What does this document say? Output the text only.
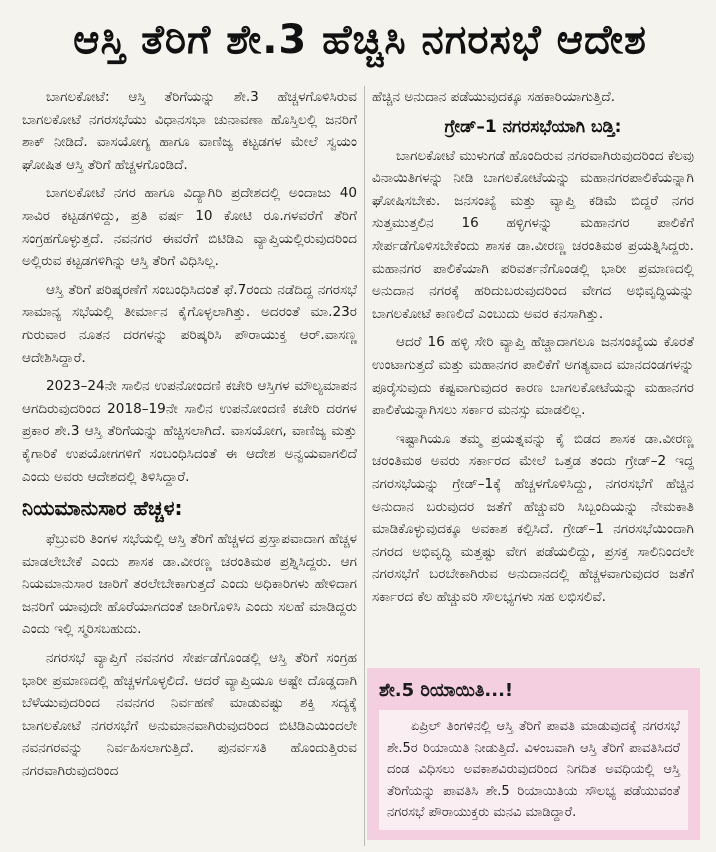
ಆಸ್ತಿ ತೆರಿಗೆ ಶೇ.3 ಹೆಚ್ಚಿಸಿ ನಗರಸಭೆ ಆದೇಶ

ಬಾಗಲಕೋಟೆ: ಆಸ್ತಿ ತೆರಿಗೆಯನ್ನು ಶೇ.3 ಹೆಚ್ಚಳಗೊಳಿಸಿರುವ ಬಾಗಲಕೋಟೆ ನಗರಸಭೆಯು ವಿಧಾನಸಭಾ ಚುನಾವಣಾ ಹೊಸ್ತಿಲಲ್ಲಿ ಜನರಿಗೆ ಶಾಕ್ ನೀಡಿದೆ. ವಾಸಯೋಗ್ಯ ಹಾಗೂ ವಾಣಿಜ್ಯ ಕಟ್ಟಡಗಳ ಮೇಲೆ ಸ್ವಯಂ ಘೋಷಿತ ಆಸ್ತಿ ತೆರಿಗೆ ಹೆಚ್ಚಳಗೊಂಡಿದೆ.

ಬಾಗಲಕೋಟೆ ನಗರ ಹಾಗೂ ವಿದ್ಯಾಗಿರಿ ಪ್ರದೇಶದಲ್ಲಿ ಅಂದಾಜು 40 ಸಾವಿರ ಕಟ್ಟಡಗಳಿದ್ದು, ಪ್ರತಿ ವರ್ಷ 10 ಕೋಟಿ ರೂ.ಗಳವರೆಗೆ ತೆರಿಗೆ ಸಂಗ್ರಹಗೊಳ್ಳುತ್ತದೆ. ನವನಗರ ಈವರೆಗೆ ಬಿಟಿಡಿಎ ವ್ಯಾಪ್ತಿಯಲ್ಲಿರುವುದರಿಂದ ಅಲ್ಲಿರುವ ಕಟ್ಟಡಗಳಿಗಿನ್ನು ಆಸ್ತಿ ತೆರಿಗೆ ವಿಧಿಸಿಲ್ಲ.

ಆಸ್ತಿ ತೆರಿಗೆ ಪರಿಷ್ಕರಣೆಗೆ ಸಂಬಂಧಿಸಿದಂತೆ ಫೆ.7ರಂದು ನಡೆದಿದ್ದ ನಗರಸಭೆ ಸಾಮಾನ್ಯ ಸಭೆಯಲ್ಲಿ ತೀರ್ಮಾನ ಕೈಗೊಳ್ಳಲಾಗಿತ್ತು. ಅದರಂತೆ ಮಾ.23ರ ಗುರುವಾರ ನೂತನ ದರಗಳನ್ನು ಪರಿಷ್ಕರಿಸಿ ಪೌರಾಯುಕ್ತ ಆರ್.ವಾಸಣ್ಣ ಆದೇಶಿಸಿದ್ದಾರೆ.

2023–24ನೇ ಸಾಲಿನ ಉಪನೋಂದಣಿ ಕಚೇರಿ ಆಸ್ತಿಗಳ ಮೌಲ್ಯಮಾಪನ ಆಗದಿರುವುದರಿಂದ 2018–19ನೇ ಸಾಲಿನ ಉಪನೋಂದಣಿ ಕಚೇರಿ ದರಗಳ ಪ್ರಕಾರ ಶೇ.3 ಆಸ್ತಿ ತೆರಿಗೆಯನ್ನು ಹೆಚ್ಚಿಸಲಾಗಿದೆ. ವಾಸಯೋಗ, ವಾಣಿಜ್ಯ ಮತ್ತು ಕೈಗಾರಿಕೆ ಉಪಯೋಗಗಳಿಗೆ ಸಂಬಂಧಿಸಿದಂತೆ ಈ ಆದೇಶ ಅನ್ವಯವಾಗಲಿದೆ ಎಂದು ಅವರು ಆದೇಶದಲ್ಲಿ ತಿಳಿಸಿದ್ದಾರೆ.

ನಿಯಮಾನುಸಾರ ಹೆಚ್ಚಳ:

ಫೆಬ್ರುವರಿ ತಿಂಗಳ ಸಭೆಯಲ್ಲಿ ಆಸ್ತಿ ತೆರಿಗೆ ಹೆಚ್ಚಳದ ಪ್ರಸ್ತಾಪವಾದಾಗ ಹೆಚ್ಚಳ ಮಾಡಲೇಬೇಕೆ ಎಂದು ಶಾಸಕ ಡಾ.ವೀರಣ್ಣ ಚರಂತಿಮಠ ಪ್ರಶ್ನಿಸಿದ್ದರು. ಆಗ ನಿಯಮಾನುಸಾರ ಜಾರಿಗೆ ತರಲೇಬೇಕಾಗುತ್ತದೆ ಎಂದು ಅಧಿಕಾರಿಗಳು ಹೇಳಿದಾಗ ಜನರಿಗೆ ಯಾವುದೇ ಹೊರೆಯಾಗದಂತೆ ಜಾರಿಗೊಳಿಸಿ ಎಂದು ಸಲಹೆ ಮಾಡಿದ್ದರು ಎಂದು ಇಲ್ಲಿ ಸ್ಮರಿಸಬಹುದು.

ನಗರಸಭೆ ವ್ಯಾಪ್ತಿಗೆ ನವನಗರ ಸೇರ್ಪಡೆಗೊಂಡಲ್ಲಿ ಆಸ್ತಿ ತೆರಿಗೆ ಸಂಗ್ರಹ ಭಾರೀ ಪ್ರಮಾಣದಲ್ಲಿ ಹೆಚ್ಚಳಗೊಳ್ಳಲಿದೆ. ಆದರೆ ವ್ಯಾಪ್ತಿಯೂ ಅಷ್ಟೇ ದೊಡ್ಡದಾಗಿ ಬೆಳೆಯುವುದರಿಂದ ನವನಗರ ನಿರ್ವಹಣೆ ಮಾಡುವಷ್ಟು ಶಕ್ತಿ ಸದ್ಯಕ್ಕೆ ಬಾಗಲಕೋಟೆ ನಗರಸಭೆಗೆ ಅನುಮಾನವಾಗಿರುವುದರಿಂದ ಬಿಟಿಡಿಎಯಿಂದಲೇ ನವನಗರವನ್ನು ನಿರ್ವಹಿಸಲಾಗುತ್ತಿದೆ. ಪುನರ್ವಸತಿ ಹೊಂದುತ್ತಿರುವ ನಗರವಾಗಿರುವುದರಿಂದ

ಹೆಚ್ಚಿನ ಅನುದಾನ ಪಡೆಯುವುದಕ್ಕೂ ಸಹಕಾರಿಯಾಗುತ್ತಿದೆ.

ಗ್ರೇಡ್‌–1 ನಗರಸಭೆಯಾಗಿ ಬಡ್ತಿ:

ಬಾಗಲಕೋಟೆ ಮುಳುಗಡೆ ಹೊಂದಿರುವ ನಗರವಾಗಿರುವುದರಿಂದ ಕೆಲವು ವಿನಾಯಿತಿಗಳನ್ನು ನೀಡಿ ಬಾಗಲಕೋಟೆಯನ್ನು ಮಹಾನಗರಪಾಲಿಕೆಯನ್ನಾಗಿ ಘೋಷಿಸಬೇಕು. ಜನಸಂಖ್ಯೆ ಮತ್ತು ವ್ಯಾಪ್ತಿ ಕಡಿಮೆ ಬಿದ್ದರೆ ನಗರ ಸುತ್ತಮುತ್ತಲಿನ 16 ಹಳ್ಳಿಗಳನ್ನು ಮಹಾನಗರ ಪಾಲಿಕೆಗೆ ಸೇರ್ಪಡೆಗೊಳಿಸಬೇಕೆಂದು ಶಾಸಕ ಡಾ.ವೀರಣ್ಣ ಚರಂತಿಮಠ ಪ್ರಯತ್ನಿಸಿದ್ದರು. ಮಹಾನಗರ ಪಾಲಿಕೆಯಾಗಿ ಪರಿವರ್ತನೆಗೊಂಡಲ್ಲಿ ಭಾರೀ ಪ್ರಮಾಣದಲ್ಲಿ ಅನುದಾನ ನಗರಕ್ಕೆ ಹರಿದುಬರುವುದರಿಂದ ವೇಗದ ಅಭಿವೃದ್ಧಿಯನ್ನು ಬಾಗಲಕೋಟೆ ಕಾಣಲಿದೆ ಎಂಬುದು ಅವರ ಕನಸಾಗಿತ್ತು.

ಆದರೆ 16 ಹಳ್ಳಿ ಸೇರಿ ವ್ಯಾಪ್ತಿ ಹೆಚ್ಚಾದಾಗಲೂ ಜನಸಂಖ್ಯೆಯ ಕೊರತೆ ಉಂಟಾಗುತ್ತದೆ ಮತ್ತು ಮಹಾನಗರ ಪಾಲಿಕೆಗೆ ಅಗತ್ಯವಾದ ಮಾನದಂಡಗಳನ್ನು ಪೂರೈಸುವುದು ಕಷ್ಟವಾಗುವುದರ ಕಾರಣ ಬಾಗಲಕೋಟೆಯನ್ನು ಮಹಾನಗರ ಪಾಲಿಕೆಯನ್ನಾಗಿಸಲು ಸರ್ಕಾರ ಮನಸ್ಸು ಮಾಡಲಿಲ್ಲ.

ಇಷ್ಟಾಗಿಯೂ ತಮ್ಮ ಪ್ರಯತ್ನವನ್ನು ಕೈ ಬಿಡದ ಶಾಸಕ ಡಾ.ವೀರಣ್ಣ ಚರಂತಿಮಠ ಅವರು ಸರ್ಕಾರದ ಮೇಲೆ ಒತ್ತಡ ತಂದು ಗ್ರೇಡ್‌–2 ಇದ್ದ ನಗರಸಭೆಯನ್ನು ಗ್ರೇಡ್‌–1ಕ್ಕೆ ಹೆಚ್ಚಳಗೊಳಿಸಿದ್ದು, ನಗರಸಭೆಗೆ ಹೆಚ್ಚಿನ ಅನುದಾನ ಬರುವುದರ ಜತೆಗೆ ಹೆಚ್ಚುವರಿ ಸಿಬ್ಬಂದಿಯನ್ನು ನೇಮಕಾತಿ ಮಾಡಿಕೊಳ್ಳುವುದಕ್ಕೂ ಅವಕಾಶ ಕಲ್ಪಿಸಿದೆ. ಗ್ರೇಡ್‌–1 ನಗರಸಭೆಯಿಂದಾಗಿ ನಗರದ ಅಭಿವೃದ್ಧಿ ಮತ್ತಷ್ಟು ವೇಗ ಪಡೆಯಲಿದ್ದು, ಪ್ರಸಕ್ತ ಸಾಲಿನಿಂದಲೇ ನಗರಸಭೆಗೆ ಬರಬೇಕಾಗಿರುವ ಅನುದಾನದಲ್ಲಿ ಹೆಚ್ಚಳವಾಗುವುದರ ಜತೆಗೆ ಸರ್ಕಾರದ ಕೆಲ ಹೆಚ್ಚುವರಿ ಸೌಲಭ್ಯಗಳು ಸಹ ಲಭಿಸಲಿವೆ.

ಶೇ.5 ರಿಯಾಯಿತಿ...!
ಏಪ್ರಿಲ್ ತಿಂಗಳಿನಲ್ಲಿ ಆಸ್ತಿ ತೆರಿಗೆ ಪಾವತಿ ಮಾಡುವುದಕ್ಕೆ ನಗರಸಭೆ ಶೇ.5ರ ರಿಯಾಯಿತಿ ನೀಡುತ್ತಿದೆ. ವಿಳಂಬವಾಗಿ ಆಸ್ತಿ ತೆರಿಗೆ ಪಾವತಿಸಿದರೆ ದಂಡ ವಿಧಿಸಲು ಅವಕಾಶವಿರುವುದರಿಂದ ನಿಗದಿತ ಅವಧಿಯಲ್ಲಿ ಆಸ್ತಿ ತೆರಿಗೆಯನ್ನು ಪಾವತಿಸಿ ಶೇ.5 ರಿಯಾಯಿತಿಯ ಸೌಲಭ್ಯ ಪಡೆಯುವಂತೆ ನಗರಸಭೆ ಪೌರಾಯುಕ್ತರು ಮನವಿ ಮಾಡಿದ್ದಾರೆ.
